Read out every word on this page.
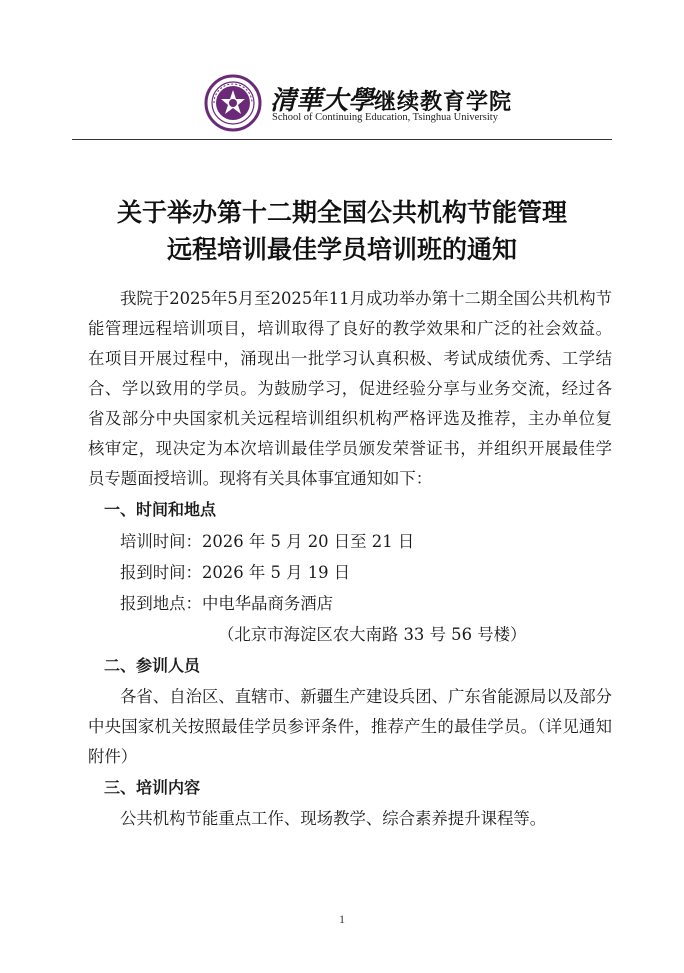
清華大學继续教育学院
School of Continuing Education, Tsinghua University
关于举办第十二期全国公共机构节能管理
远程培训最佳学员培训班的通知

我院于2025年5月至2025年11月成功举办第十二期全国公共机构节能管理远程培训项目，培训取得了良好的教学效果和广泛的社会效益。在项目开展过程中，涌现出一批学习认真积极、考试成绩优秀、工学结合、学以致用的学员。为鼓励学习，促进经验分享与业务交流，经过各省及部分中央国家机关远程培训组织机构严格评选及推荐，主办单位复核审定，现决定为本次培训最佳学员颁发荣誉证书，并组织开展最佳学员专题面授培训。现将有关具体事宜通知如下：

一、时间和地点

培训时间：2026 年 5 月 20 日至 21 日

报到时间：2026 年 5 月 19 日

报到地点：中电华晶商务酒店

（北京市海淀区农大南路 33 号 56 号楼）

二、参训人员

各省、自治区、直辖市、新疆生产建设兵团、广东省能源局以及部分中央国家机关按照最佳学员参评条件，推荐产生的最佳学员。（详见通知附件）

三、培训内容

公共机构节能重点工作、现场教学、综合素养提升课程等。

1
